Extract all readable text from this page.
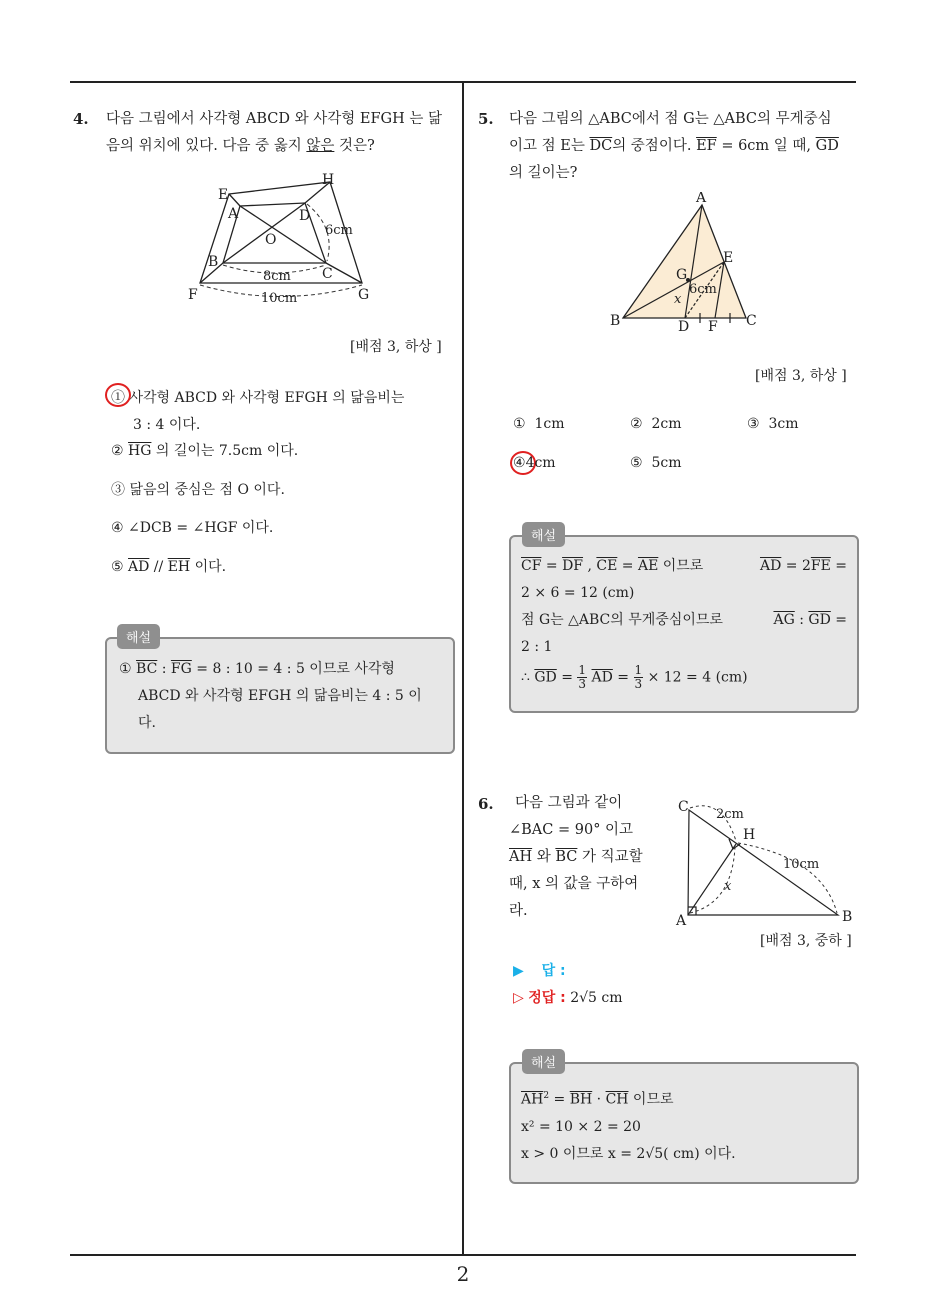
4. 다음 그림에서 사각형 ABCD 와 사각형 EFGH 는 닮
음의 위치에 있다. 다음 중 옳지 않은 것은?
E
H
A	D
O
B
C
F	G
6cm
8cm
10cm
[배점 3, 하상 ]
① 사각형 ABCD 와 사각형 EFGH 의 닮음비는
3 : 4 이다.
② $\overline{HG}$ 의 길이는 7.5cm 이다.
③ 닮음의 중심은 점 O 이다.
④ ∠DCB = ∠HGF 이다.
⑤ $\overline{AD} // \overline{EH}$ 이다.
해설
① $\overline{BC}$ : $\overline{FG} = 8$ : 10 = 4 : 5 이므로 사각형
ABCD 와 사각형 EFGH 의 닮음비는 4 : 5 이
다.
5. 다음 그림의 △ABC에서 점 G는 △ABC의 무게중심
이고 점 E는 $\overline{DC}$의 중점이다. $\overline{EF} = 6cm$ 일 때, $\overline{GD}$
의 길이는?
A
B	C
D
E
F
G
x
6cm
[배점 3, 하상 ]
① 1cm	② 2cm	③ 3cm
④4cm	⑤ 5cm
해설
$\overline{CF} = \overline{DF}$ , $\overline{CE} = \overline{AE}$ 이므로	$\overline{AD} = 2\overline{FE}$ =
2 × 6 = 12 (cm)
점 G는 △ABC의 무게중심이므로	$\overline{AG}$ : $\overline{GD}$ =
2 : 1
∴ $\overline{GD} = \frac{1}{3} \overline{AD} = \frac{1}{3} \times 12 = 4$ (cm)
6.	다음 그림과 같이
∠BAC = 90° 이고
$\overline{AH}$ 와 $\overline{BC}$ 가 직교할
때, x 의 값을 구하여
라.
C
A	B
H
x
2cm
10cm
[배점 3, 중하 ]
▶ 답 :
▷ 정답 : 2√5 cm
해설
$\overline{AH}^2 = \overline{BH} \cdot \overline{CH}$ 이므로
x² = 10 × 2 = 20
x > 0 이므로 x = 2√5( cm) 이다.
2
